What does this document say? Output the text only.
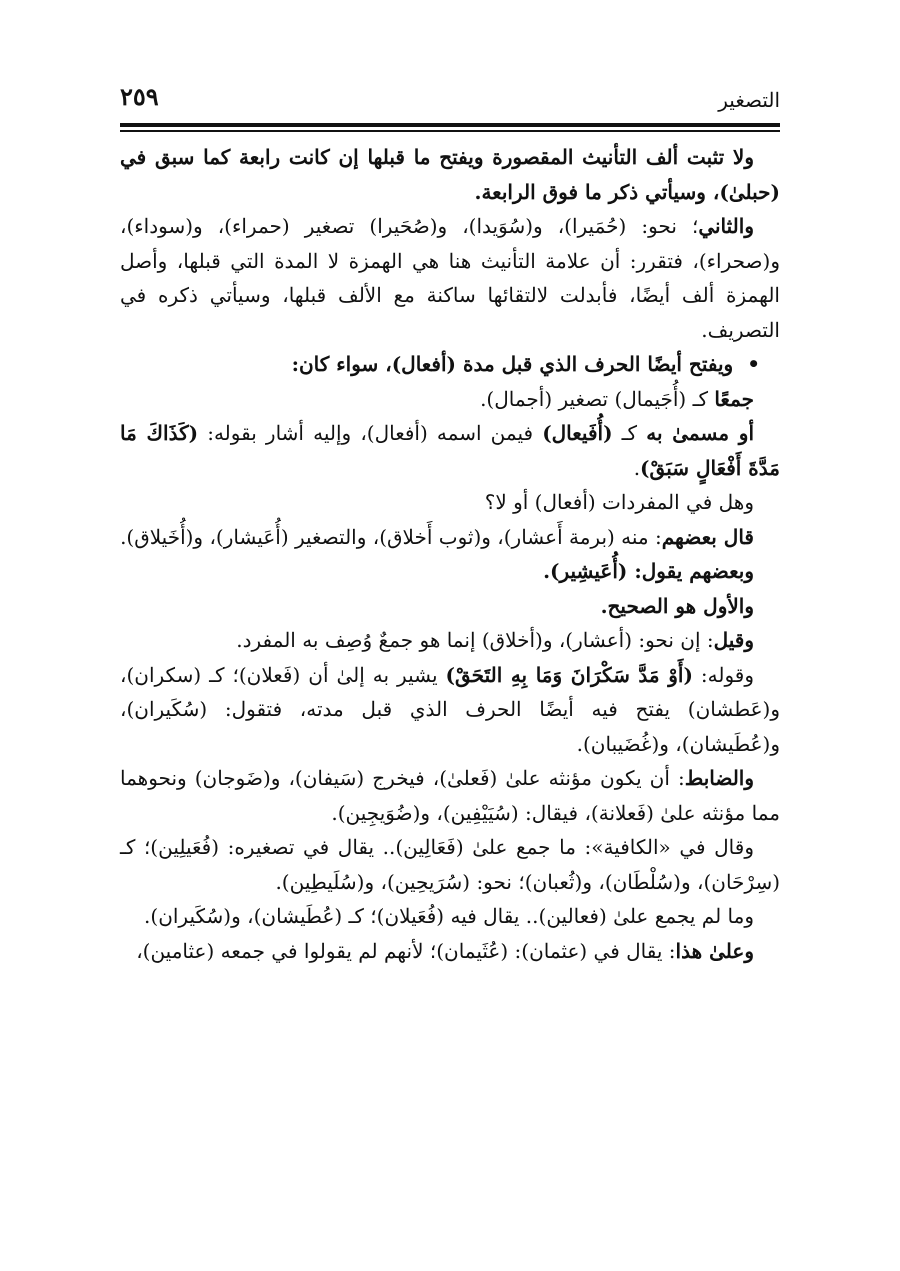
التصغير
٢٥٩

ولا تثبت ألف التأنيث المقصورة ويفتح ما قبلها إن كانت رابعة كما سبق في (حبلىٰ)، وسيأتي ذكر ما فوق الرابعة.

والثاني؛ نحو: (حُمَيرا)، و(سُوَيدا)، و(صُحَيرا) تصغير (حمراء)، و(سوداء)، و(صحراء)، فتقرر: أن علامة التأنيث هنا هي الهمزة لا المدة التي قبلها، وأصل الهمزة ألف أيضًا، فأبدلت لالتقائها ساكنة مع الألف قبلها، وسيأتي ذكره في التصريف.

•ويفتح أيضًا الحرف الذي قبل مدة (أفعال)، سواء كان:

جمعًا كـ (أُجَيمال) تصغير (أجمال).

أو مسمىٰ به كـ (أُفَيعال) فيمن اسمه (أفعال)، وإليه أشار بقوله: (كَذَاكَ مَا مَدَّةَ أَفْعَالٍ سَبَقْ).

وهل في المفردات (أفعال) أو لا؟

قال بعضهم: منه (برمة أَعشار)، و(ثوب أَخلاق)، والتصغير (أُعَيشار)، و(أُخَيلاق).

وبعضهم يقول: (أُعَيشِير).

والأول هو الصحيح.

وقيل: إن نحو: (أعشار)، و(أخلاق) إنما هو جمعٌ وُصِف به المفرد.

وقوله: (أَوْ مَدَّ سَكْرَانَ وَمَا بِهِ التَحَقْ) يشير به إلىٰ أن (فَعلان)؛ كـ (سكران)، و(عَطشان) يفتح فيه أيضًا الحرف الذي قبل مدته، فتقول: (سُكَيران)، و(عُطَيشان)، و(غُضَيبان).

والضابط: أن يكون مؤنثه علىٰ (فَعلىٰ)، فيخرج (سَيفان)، و(ضَوجان) ونحوهما مما مؤنثه علىٰ (فَعلانة)، فيقال: (سُيَيْفِين)، و(ضُوَيجِين).

وقال في «الكافية»: ما جمع علىٰ (فَعَالِين).. يقال في تصغيره: (فُعَيلِين)؛ كـ (سِرْحَان)، و(سُلْطَان)، و(ثُعبان)؛ نحو: (سُرَيحِين)، و(سُلَيطِين).

وما لم يجمع علىٰ (فعالين).. يقال فيه (فُعَيلان)؛ كـ (عُطَيشان)، و(سُكَيران).

وعلىٰ هذا: يقال في (عثمان): (عُثَيمان)؛ لأنهم لم يقولوا في جمعه (عثامين)،
